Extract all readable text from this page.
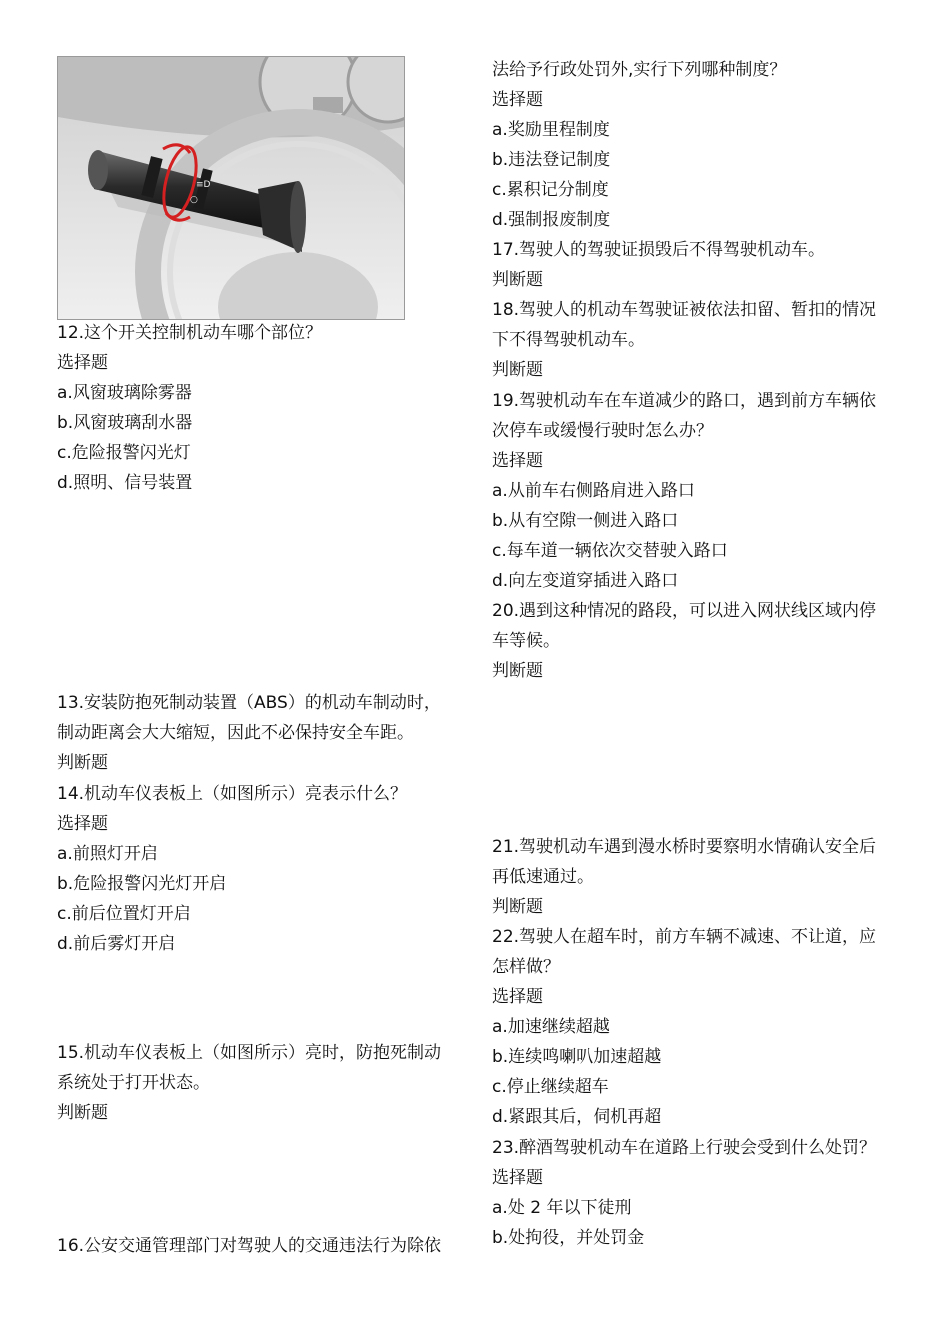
≡D
○
12.这个开关控制机动车哪个部位？
选择题
a.风窗玻璃除雾器
b.风窗玻璃刮水器
c.危险报警闪光灯
d.照明、信号装置
13.安装防抱死制动装置（ABS）的机动车制动时，
制动距离会大大缩短，因此不必保持安全车距。
判断题
14.机动车仪表板上（如图所示）亮表示什么？
选择题
a.前照灯开启
b.危险报警闪光灯开启
c.前后位置灯开启
d.前后雾灯开启
15.机动车仪表板上（如图所示）亮时，防抱死制动
系统处于打开状态。
判断题
16.公安交通管理部门对驾驶人的交通违法行为除依
法给予行政处罚外,实行下列哪种制度？
选择题
a.奖励里程制度
b.违法登记制度
c.累积记分制度
d.强制报废制度
17.驾驶人的驾驶证损毁后不得驾驶机动车。
判断题
18.驾驶人的机动车驾驶证被依法扣留、暂扣的情况
下不得驾驶机动车。
判断题
19.驾驶机动车在车道减少的路口，遇到前方车辆依
次停车或缓慢行驶时怎么办？
选择题
a.从前车右侧路肩进入路口
b.从有空隙一侧进入路口
c.每车道一辆依次交替驶入路口
d.向左变道穿插进入路口
20.遇到这种情况的路段，可以进入网状线区域内停
车等候。
判断题
21.驾驶机动车遇到漫水桥时要察明水情确认安全后
再低速通过。
判断题
22.驾驶人在超车时，前方车辆不减速、不让道，应
怎样做？
选择题
a.加速继续超越
b.连续鸣喇叭加速超越
c.停止继续超车
d.紧跟其后，伺机再超
23.醉酒驾驶机动车在道路上行驶会受到什么处罚？
选择题
a.处 2 年以下徒刑
b.处拘役，并处罚金
